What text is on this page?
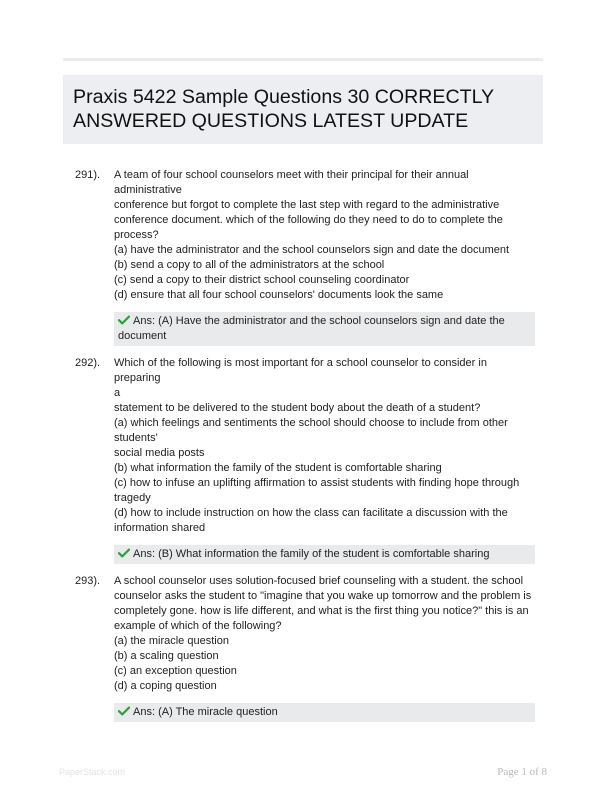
Praxis 5422 Sample Questions 30 CORRECTLY
ANSWERED QUESTIONS LATEST UPDATE
291). A team of four school counselors meet with their principal for their annual administrative
conference but forgot to complete the last step with regard to the administrative
conference document. which of the following do they need to do to complete the
process?
(a) have the administrator and the school counselors sign and date the document
(b) send a copy to all of the administrators at the school
(c) send a copy to their district school counseling coordinator
(d) ensure that all four school counselors' documents look the same
Ans: (A) Have the administrator and the school counselors sign and date the
document
292). Which of the following is most important for a school counselor to consider in preparing
a
statement to be delivered to the student body about the death of a student?
(a) which feelings and sentiments the school should choose to include from other
students'
social media posts
(b) what information the family of the student is comfortable sharing
(c) how to infuse an uplifting affirmation to assist students with finding hope through
tragedy
(d) how to include instruction on how the class can facilitate a discussion with the
information shared
Ans: (B) What information the family of the student is comfortable sharing
293). A school counselor uses solution-focused brief counseling with a student. the school
counselor asks the student to "imagine that you wake up tomorrow and the problem is
completely gone. how is life different, and what is the first thing you notice?" this is an
example of which of the following?
(a) the miracle question
(b) a scaling question
(c) an exception question
(d) a coping question
Ans: (A) The miracle question
PaperStack.com	Page 1 of 8
